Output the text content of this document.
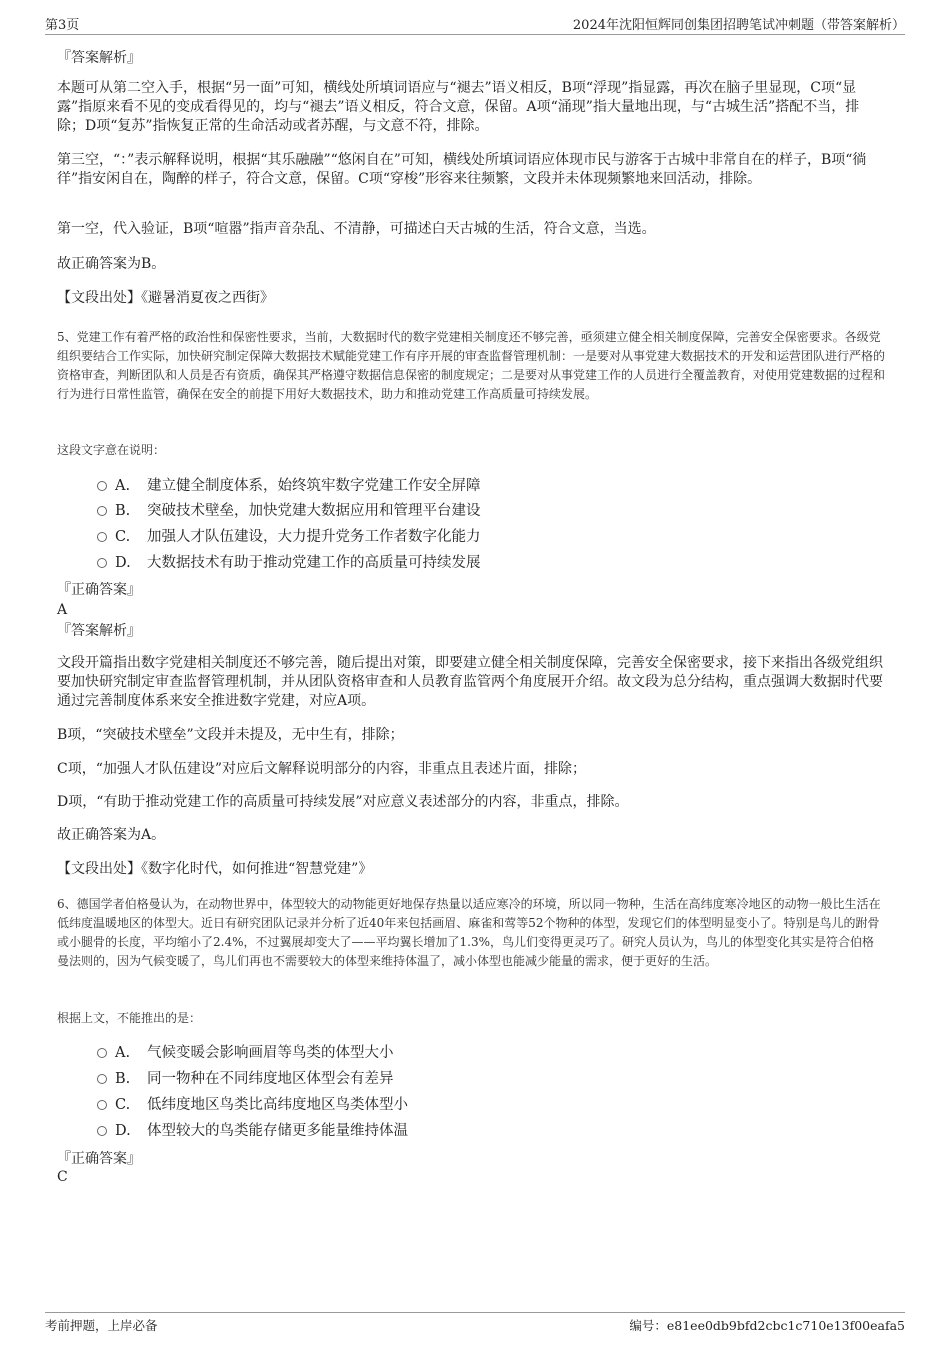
第3页	2024年沈阳恒辉同创集团招聘笔试冲刺题（带答案解析）

『答案解析』

本题可从第二空入手，根据“另一面”可知，横线处所填词语应与“褪去”语义相反，B项“浮现”指显露，再次在脑子里显现，C项“显露”指原来看不见的变成看得见的，均与“褪去”语义相反，符合文意，保留。A项“涌现”指大量地出现，与“古城生活”搭配不当，排除；D项“复苏”指恢复正常的生命活动或者苏醒，与文意不符，排除。

第三空，“：”表示解释说明，根据“其乐融融”“悠闲自在”可知，横线处所填词语应体现市民与游客于古城中非常自在的样子，B项“徜徉”指安闲自在，陶醉的样子，符合文意，保留。C项“穿梭”形容来往频繁，文段并未体现频繁地来回活动，排除。

第一空，代入验证，B项“喧嚣”指声音杂乱、不清静，可描述白天古城的生活，符合文意，当选。

故正确答案为B。

【文段出处】《避暑消夏夜之西街》

5、党建工作有着严格的政治性和保密性要求，当前，大数据时代的数字党建相关制度还不够完善，亟须建立健全相关制度保障，完善安全保密要求。各级党组织要结合工作实际，加快研究制定保障大数据技术赋能党建工作有序开展的审查监督管理机制：一是要对从事党建大数据技术的开发和运营团队进行严格的资格审查，判断团队和人员是否有资质，确保其严格遵守数据信息保密的制度规定；二是要对从事党建工作的人员进行全覆盖教育，对使用党建数据的过程和行为进行日常性监管，确保在安全的前提下用好大数据技术，助力和推动党建工作高质量可持续发展。

这段文字意在说明：

A. 建立健全制度体系，始终筑牢数字党建工作安全屏障
B. 突破技术壁垒，加快党建大数据应用和管理平台建设
C. 加强人才队伍建设，大力提升党务工作者数字化能力
D. 大数据技术有助于推动党建工作的高质量可持续发展

『正确答案』

A

『答案解析』

文段开篇指出数字党建相关制度还不够完善，随后提出对策，即要建立健全相关制度保障，完善安全保密要求，接下来指出各级党组织要加快研究制定审查监督管理机制，并从团队资格审查和人员教育监管两个角度展开介绍。故文段为总分结构，重点强调大数据时代要通过完善制度体系来安全推进数字党建，对应A项。

B项，“突破技术壁垒”文段并未提及，无中生有，排除；

C项，“加强人才队伍建设”对应后文解释说明部分的内容，非重点且表述片面，排除；

D项，“有助于推动党建工作的高质量可持续发展”对应意义表述部分的内容，非重点，排除。

故正确答案为A。

【文段出处】《数字化时代，如何推进“智慧党建”》

6、德国学者伯格曼认为，在动物世界中，体型较大的动物能更好地保存热量以适应寒冷的环境，所以同一物种，生活在高纬度寒冷地区的动物一般比生活在低纬度温暖地区的体型大。近日有研究团队记录并分析了近40年来包括画眉、麻雀和莺等52个物种的体型，发现它们的体型明显变小了。特别是鸟儿的跗骨或小腿骨的长度，平均缩小了2.4%，不过翼展却变大了——平均翼长增加了1.3%，鸟儿们变得更灵巧了。研究人员认为，鸟儿的体型变化其实是符合伯格曼法则的，因为气候变暖了，鸟儿们再也不需要较大的体型来维持体温了，减小体型也能减少能量的需求，便于更好的生活。

根据上文，不能推出的是：

A. 气候变暖会影响画眉等鸟类的体型大小
B. 同一物种在不同纬度地区体型会有差异
C. 低纬度地区鸟类比高纬度地区鸟类体型小
D. 体型较大的鸟类能存储更多能量维持体温

『正确答案』

C

考前押题，上岸必备	编号：e81ee0db9bfd2cbc1c710e13f00eafa5
